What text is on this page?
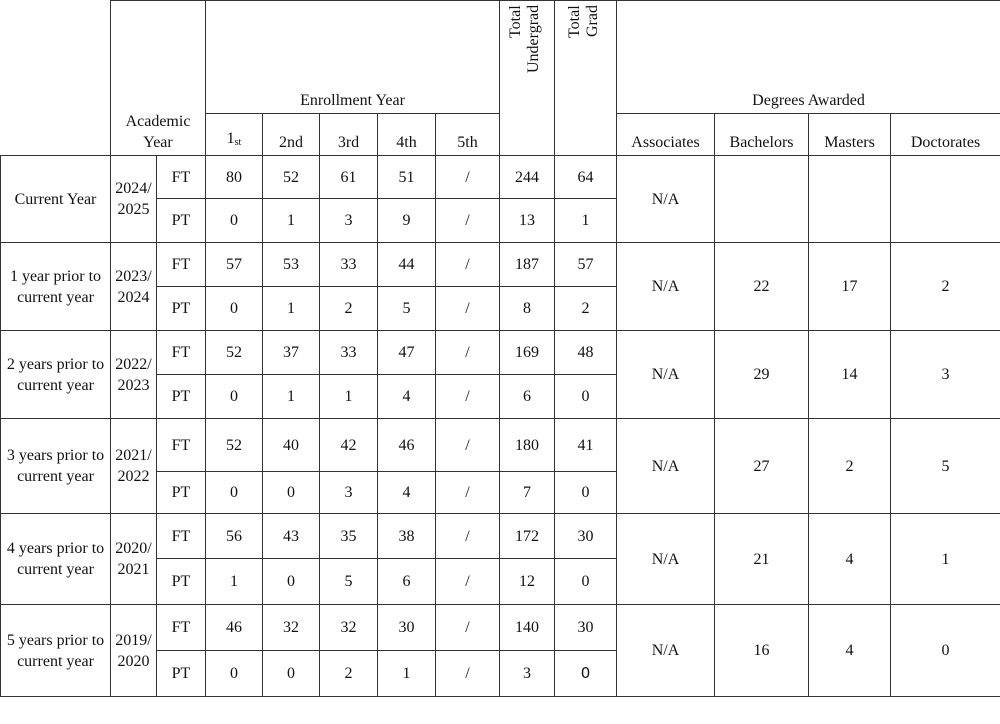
	Academic Year		Enrollment Year					Total Undergrad	Total Grad	Degrees Awarded			
			$1_{st}$	2nd	3rd	4th	5th			Associates	Bachelors	Masters	Doctorates
Current Year	2024/ 2025	FT	80	52	61	51	/	244	64	N/A			
		PT	0	1	3	9	/	13	1				
1 year prior to current year	2023/ 2024	FT	57	53	33	44	/	187	57	N/A	22	17	2
		PT	0	1	2	5	/	8	2				
2 years prior to current year	2022/ 2023	FT	52	37	33	47	/	169	48	N/A	29	14	3
		PT	0	1	1	4	/	6	0				
3 years prior to current year	2021/ 2022	FT	52	40	42	46	/	180	41	N/A	27	2	5
		PT	0	0	3	4	/	7	0				
4 years prior to current year	2020/ 2021	FT	56	43	35	38	/	172	30	N/A	21	4	1
		PT	1	0	5	6	/	12	0				
5 years prior to current year	2019/ 2020	FT	46	32	32	30	/	140	30	N/A	16	4	0
		PT	0	0	2	1	/	3	0				
